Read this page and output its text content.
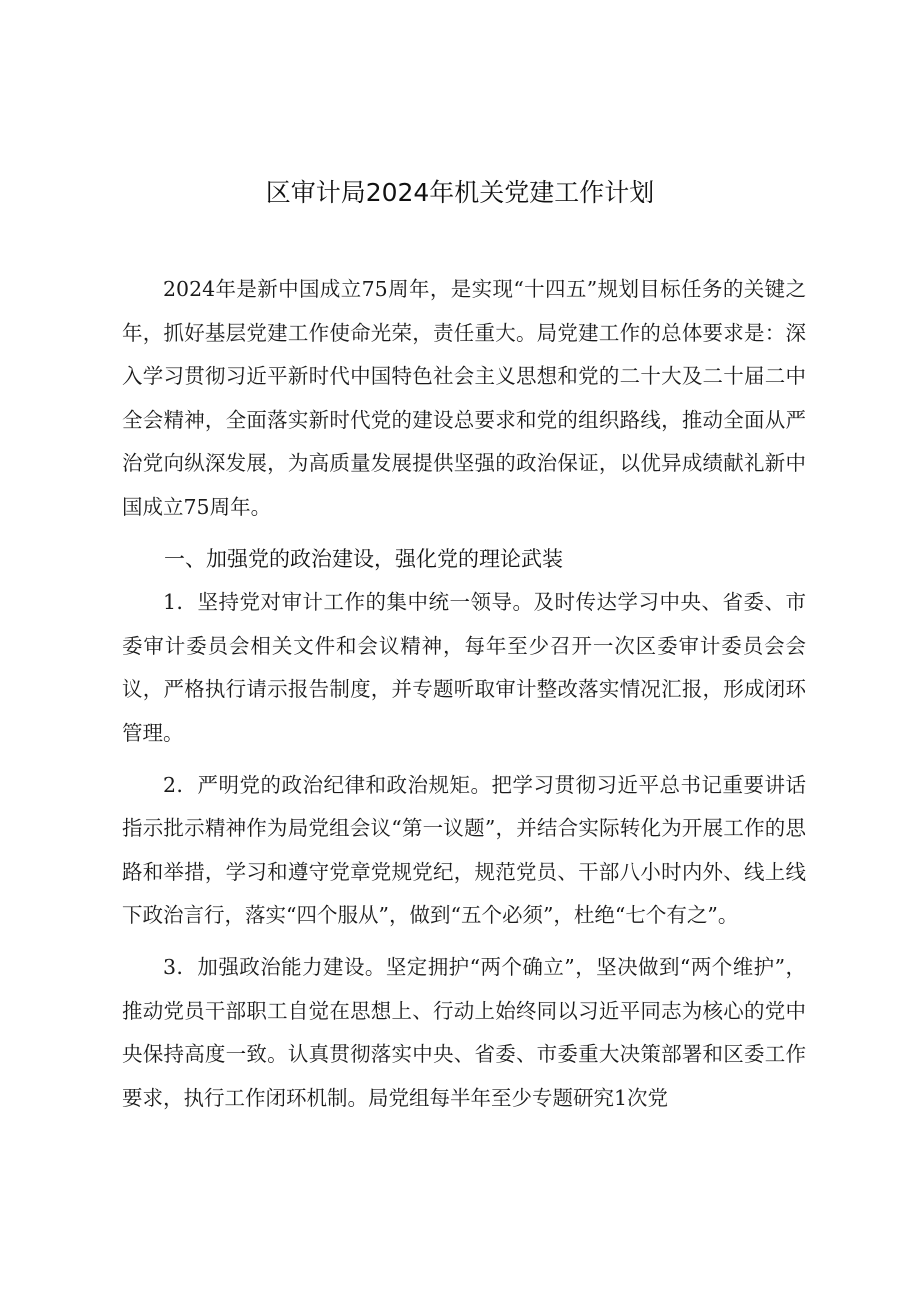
区审计局2024年机关党建工作计划

2024年是新中国成立75周年，是实现“十四五”规划目标任务的关键之年，抓好基层党建工作使命光荣，责任重大。局党建工作的总体要求是：深入学习贯彻习近平新时代中国特色社会主义思想和党的二十大及二十届二中全会精神，全面落实新时代党的建设总要求和党的组织路线，推动全面从严治党向纵深发展，为高质量发展提供坚强的政治保证，以优异成绩献礼新中国成立75周年。

一、加强党的政治建设，强化党的理论武装

1．坚持党对审计工作的集中统一领导。及时传达学习中央、省委、市委审计委员会相关文件和会议精神，每年至少召开一次区委审计委员会会议，严格执行请示报告制度，并专题听取审计整改落实情况汇报，形成闭环管理。

2．严明党的政治纪律和政治规矩。把学习贯彻习近平总书记重要讲话指示批示精神作为局党组会议“第一议题”，并结合实际转化为开展工作的思路和举措，学习和遵守党章党规党纪，规范党员、干部八小时内外、线上线下政治言行，落实“四个服从”，做到“五个必须”，杜绝“七个有之”。

3．加强政治能力建设。坚定拥护“两个确立”，坚决做到“两个维护”，推动党员干部职工自觉在思想上、行动上始终同以习近平同志为核心的党中央保持高度一致。认真贯彻落实中央、省委、市委重大决策部署和区委工作要求，执行工作闭环机制。局党组每半年至少专题研究1次党
